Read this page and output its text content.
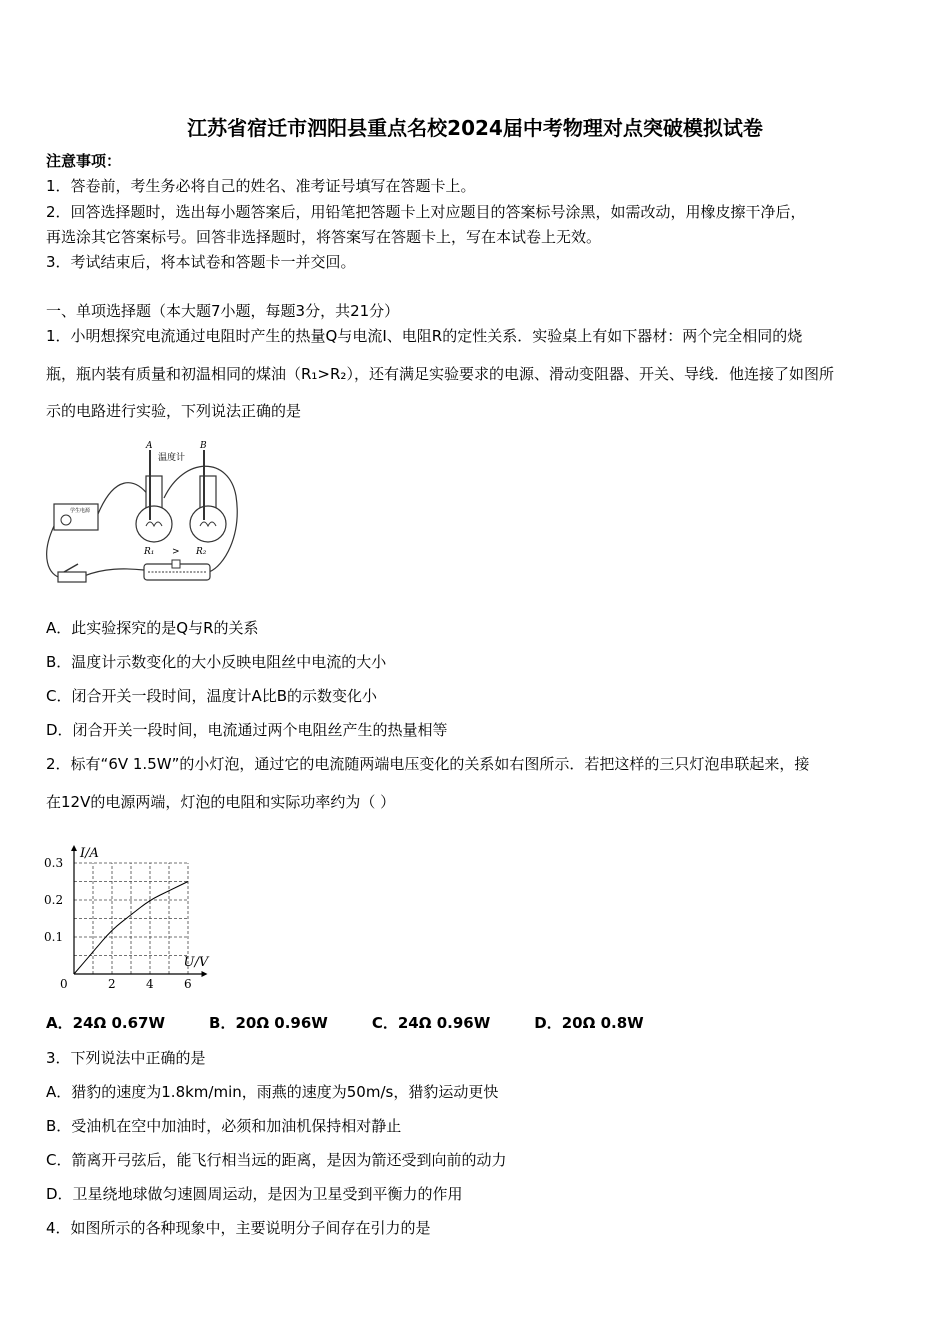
江苏省宿迁市泗阳县重点名校2024届中考物理对点突破模拟试卷
注意事项：
1．答卷前，考生务必将自己的姓名、准考证号填写在答题卡上。
2．回答选择题时，选出每小题答案后，用铅笔把答题卡上对应题目的答案标号涂黑，如需改动，用橡皮擦干净后，
再选涂其它答案标号。回答非选择题时，将答案写在答题卡上，写在本试卷上无效。
3．考试结束后，将本试卷和答题卡一并交回。
一、单项选择题（本大题7小题，每题3分，共21分）
1．小明想探究电流通过电阻时产生的热量Q与电流I、电阻R的定性关系．实验桌上有如下器材：两个完全相同的烧
瓶，瓶内装有质量和初温相同的煤油（R₁>R₂），还有满足实验要求的电源、滑动变阻器、开关、导线．他连接了如图所
示的电路进行实验，下列说法正确的是
学生电源
A	B
温度计
R₁ > R₂
A．此实验探究的是Q与R的关系
B．温度计示数变化的大小反映电阻丝中电流的大小
C．闭合开关一段时间，温度计A比B的示数变化小
D．闭合开关一段时间，电流通过两个电阻丝产生的热量相等
2．标有“6V 1.5W”的小灯泡，通过它的电流随两端电压变化的关系如右图所示．若把这样的三只灯泡串联起来，接
在12V的电源两端，灯泡的电阻和实际功率约为（ ）
2	4	6
0.1
0.2
0.3
U/V
I/A
0
A．24Ω 0.67W	B．20Ω 0.96W	C．24Ω 0.96W	D．20Ω 0.8W
3．下列说法中正确的是
A．猎豹的速度为1.8km/min，雨燕的速度为50m/s，猎豹运动更快
B．受油机在空中加油时，必须和加油机保持相对静止
C．箭离开弓弦后，能飞行相当远的距离，是因为箭还受到向前的动力
D．卫星绕地球做匀速圆周运动，是因为卫星受到平衡力的作用
4．如图所示的各种现象中，主要说明分子间存在引力的是
